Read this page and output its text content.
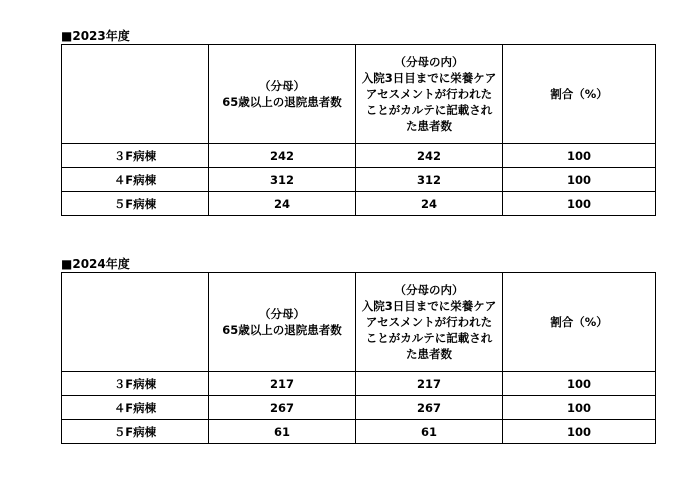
■2023年度

	（分母）
65歳以上の退院患者数	（分母の内）
入院3日目までに栄養ケア
アセスメントが行われた
ことがカルテに記載され
た患者数	割合（%）

３F病棟	242	242	100
４F病棟	312	312	100
５F病棟	24	24	100
■2024年度

	（分母）
65歳以上の退院患者数	（分母の内）
入院3日目までに栄養ケア
アセスメントが行われた
ことがカルテに記載され
た患者数	割合（%）

３F病棟	217	217	100
４F病棟	267	267	100
５F病棟	61	61	100
